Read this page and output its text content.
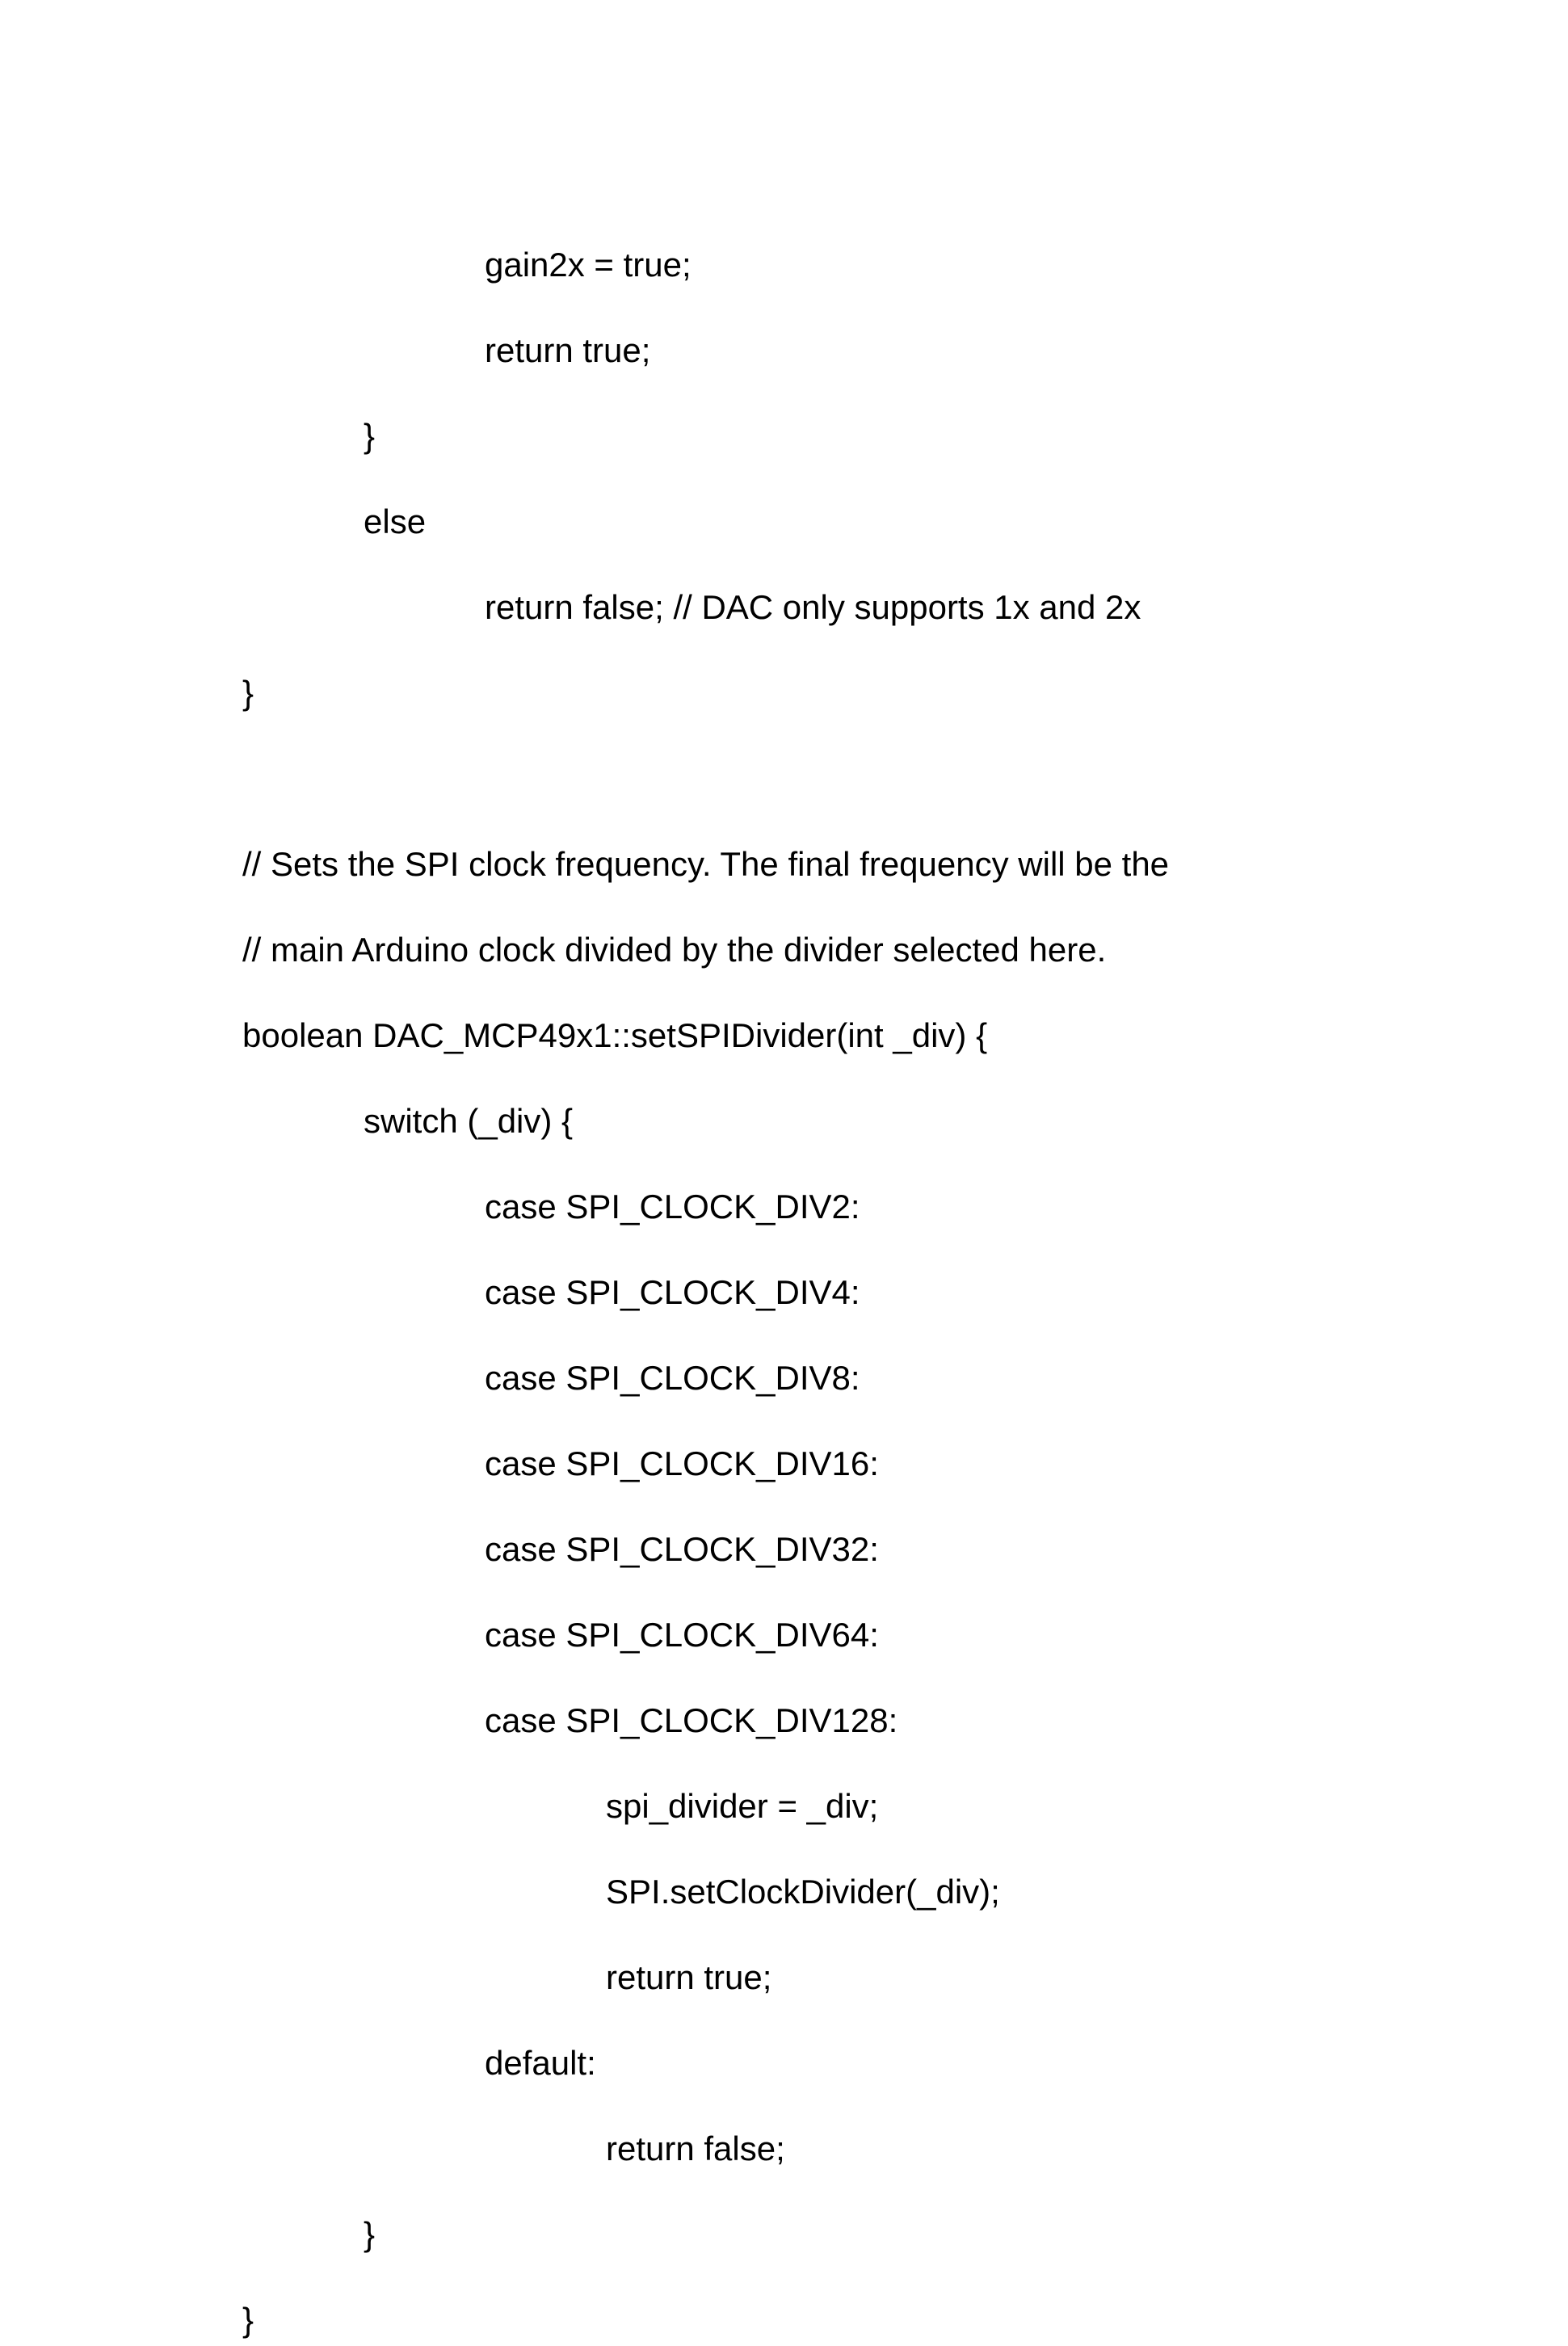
gain2x = true;

return true;

}

else

return false; // DAC only supports 1x and 2x

}

// Sets the SPI clock frequency. The final frequency will be the

// main Arduino clock divided by the divider selected here.

boolean DAC_MCP49x1::setSPIDivider(int _div) {

switch (_div) {

case SPI_CLOCK_DIV2:

case SPI_CLOCK_DIV4:

case SPI_CLOCK_DIV8:

case SPI_CLOCK_DIV16:

case SPI_CLOCK_DIV32:

case SPI_CLOCK_DIV64:

case SPI_CLOCK_DIV128:

spi_divider = _div;

SPI.setClockDivider(_div);

return true;

default:

return false;

}

}
